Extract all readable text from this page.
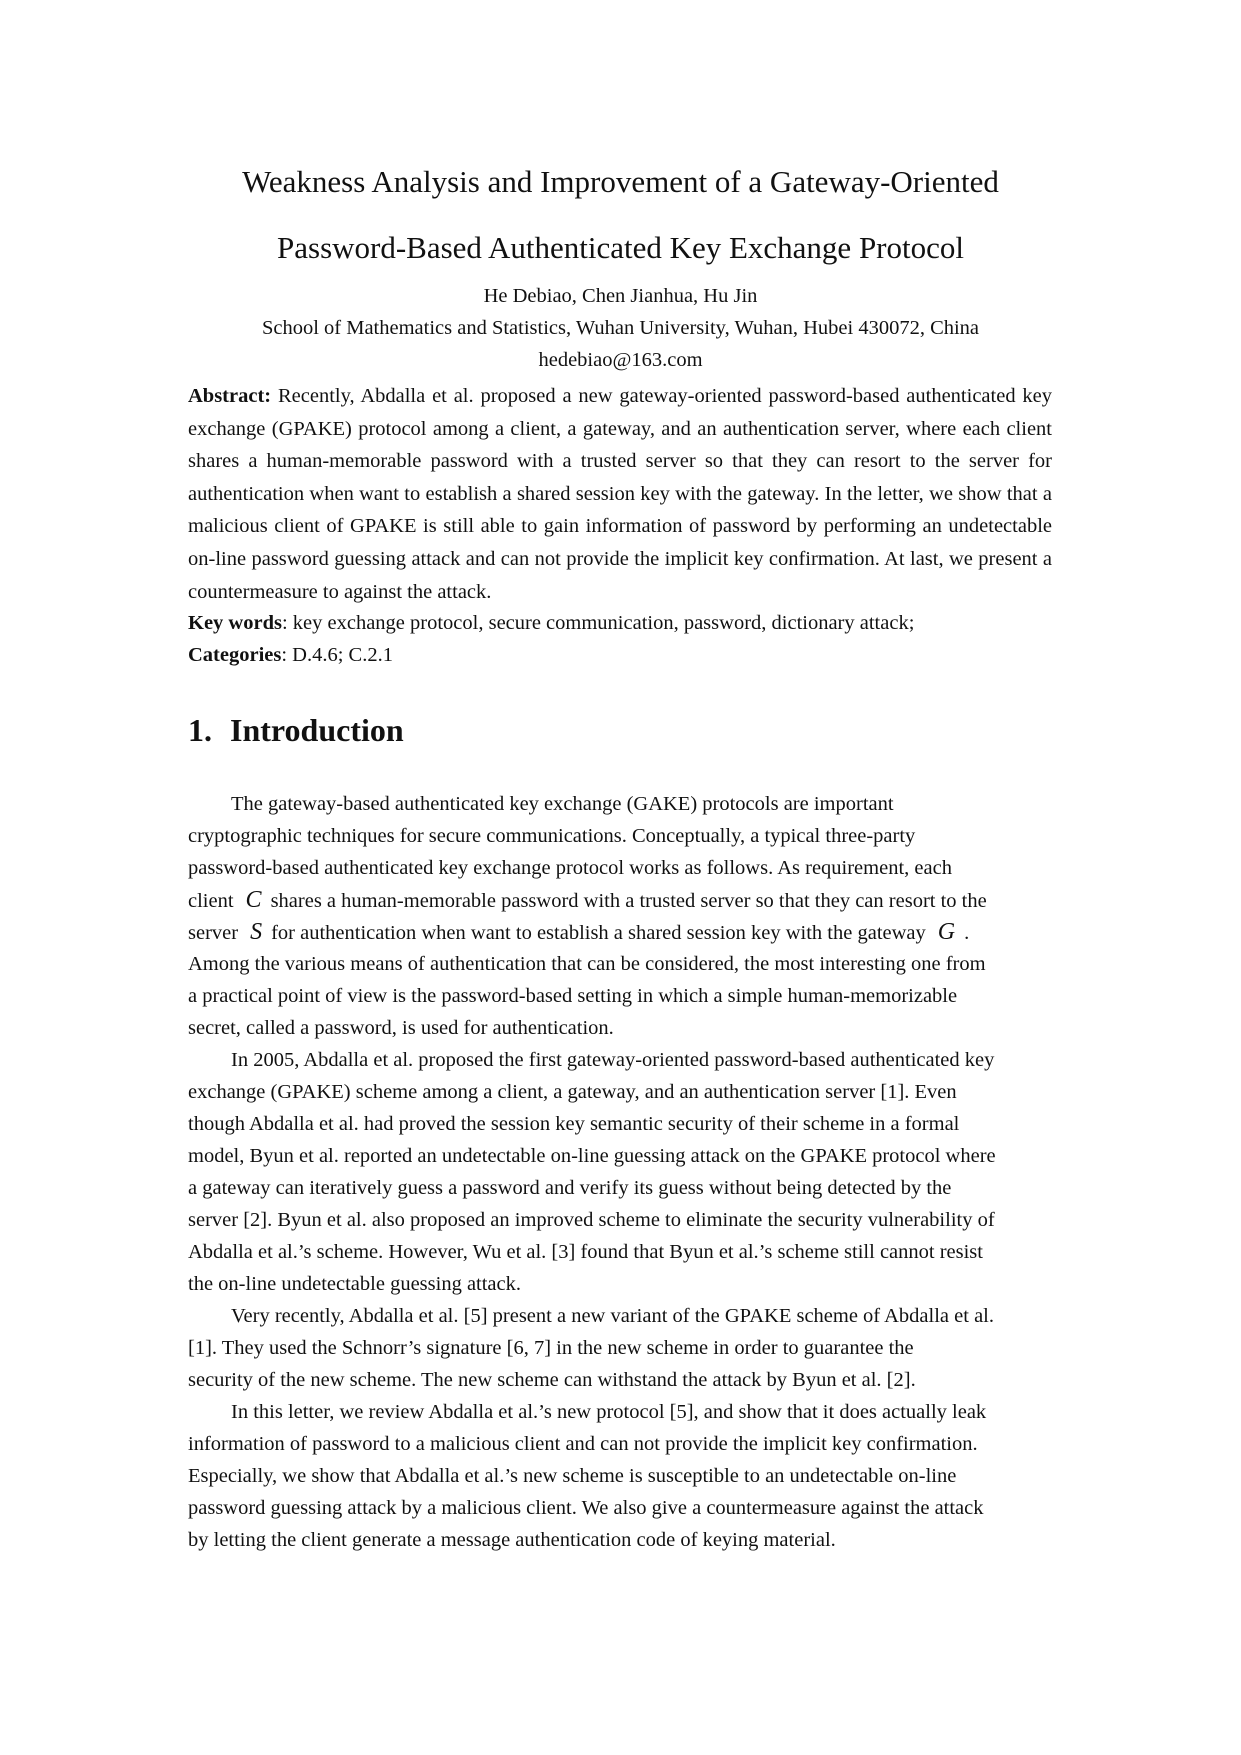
Weakness Analysis and Improvement of a Gateway-Oriented
Password-Based Authenticated Key Exchange Protocol
He Debiao, Chen Jianhua, Hu Jin
School of Mathematics and Statistics, Wuhan University, Wuhan, Hubei 430072, China
hedebiao@163.com
Abstract: Recently, Abdalla et al. proposed a new gateway-oriented password-based authenticated key exchange (GPAKE) protocol among a client, a gateway, and an authentication server, where each client shares a human-memorable password with a trusted server so that they can resort to the server for authentication when want to establish a shared session key with the gateway. In the letter, we show that a malicious client of GPAKE is still able to gain information of password by performing an undetectable on-line password guessing attack and can not provide the implicit key confirmation. At last, we present a countermeasure to against the attack.
Key words: key exchange protocol, secure communication, password, dictionary attack;
Categories: D.4.6; C.2.1
1. Introduction
The gateway-based authenticated key exchange (GAKE) protocols are important
cryptographic techniques for secure communications. Conceptually, a typical three-party
password-based authenticated key exchange protocol works as follows. As requirement, each
client C shares a human-memorable password with a trusted server so that they can resort to the
server S for authentication when want to establish a shared session key with the gateway G .
Among the various means of authentication that can be considered, the most interesting one from
a practical point of view is the password-based setting in which a simple human-memorizable
secret, called a password, is used for authentication.
In 2005, Abdalla et al. proposed the first gateway-oriented password-based authenticated key
exchange (GPAKE) scheme among a client, a gateway, and an authentication server [1]. Even
though Abdalla et al. had proved the session key semantic security of their scheme in a formal
model, Byun et al. reported an undetectable on-line guessing attack on the GPAKE protocol where
a gateway can iteratively guess a password and verify its guess without being detected by the
server [2]. Byun et al. also proposed an improved scheme to eliminate the security vulnerability of
Abdalla et al.’s scheme. However, Wu et al. [3] found that Byun et al.’s scheme still cannot resist
the on-line undetectable guessing attack.
Very recently, Abdalla et al. [5] present a new variant of the GPAKE scheme of Abdalla et al.
[1]. They used the Schnorr’s signature [6, 7] in the new scheme in order to guarantee the
security of the new scheme. The new scheme can withstand the attack by Byun et al. [2].
In this letter, we review Abdalla et al.’s new protocol [5], and show that it does actually leak
information of password to a malicious client and can not provide the implicit key confirmation.
Especially, we show that Abdalla et al.’s new scheme is susceptible to an undetectable on-line
password guessing attack by a malicious client. We also give a countermeasure against the attack
by letting the client generate a message authentication code of keying material.
